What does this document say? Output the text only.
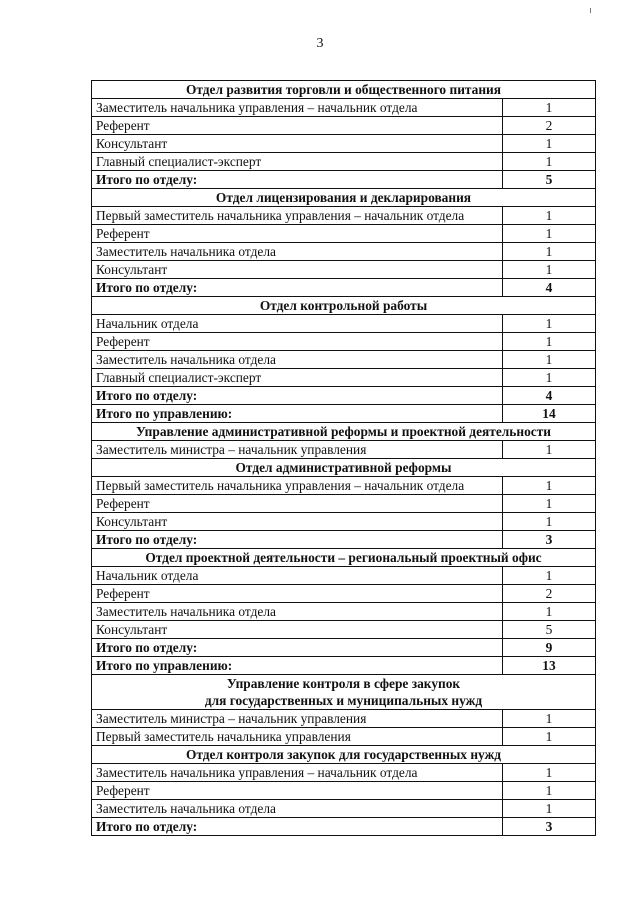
3
Отдел развития торговли и общественного питания	
Заместитель начальника управления – начальник отдела	1
Референт	2
Консультант	1
Главный специалист-эксперт	1
Итого по отделу:	5
Отдел лицензирования и декларирования	
Первый заместитель начальника управления – начальник отдела	1
Референт	1
Заместитель начальника отдела	1
Консультант	1
Итого по отделу:	4
Отдел контрольной работы	
Начальник отдела	1
Референт	1
Заместитель начальника отдела	1
Главный специалист-эксперт	1
Итого по отделу:	4
Итого по управлению:	14
Управление административной реформы и проектной деятельности	
Заместитель министра – начальник управления	1
Отдел административной реформы	
Первый заместитель начальника управления – начальник отдела	1
Референт	1
Консультант	1
Итого по отделу:	3
Отдел проектной деятельности – региональный проектный офис	
Начальник отдела	1
Референт	2
Заместитель начальника отдела	1
Консультант	5
Итого по отделу:	9
Итого по управлению:	13

Управление контроля в сфере закупок
для государственных и муниципальных нужд	

Заместитель министра – начальник управления	1
Первый заместитель начальника управления	1
Отдел контроля закупок для государственных нужд	
Заместитель начальника управления – начальник отдела	1
Референт	1
Заместитель начальника отдела	1
Итого по отделу:	3
